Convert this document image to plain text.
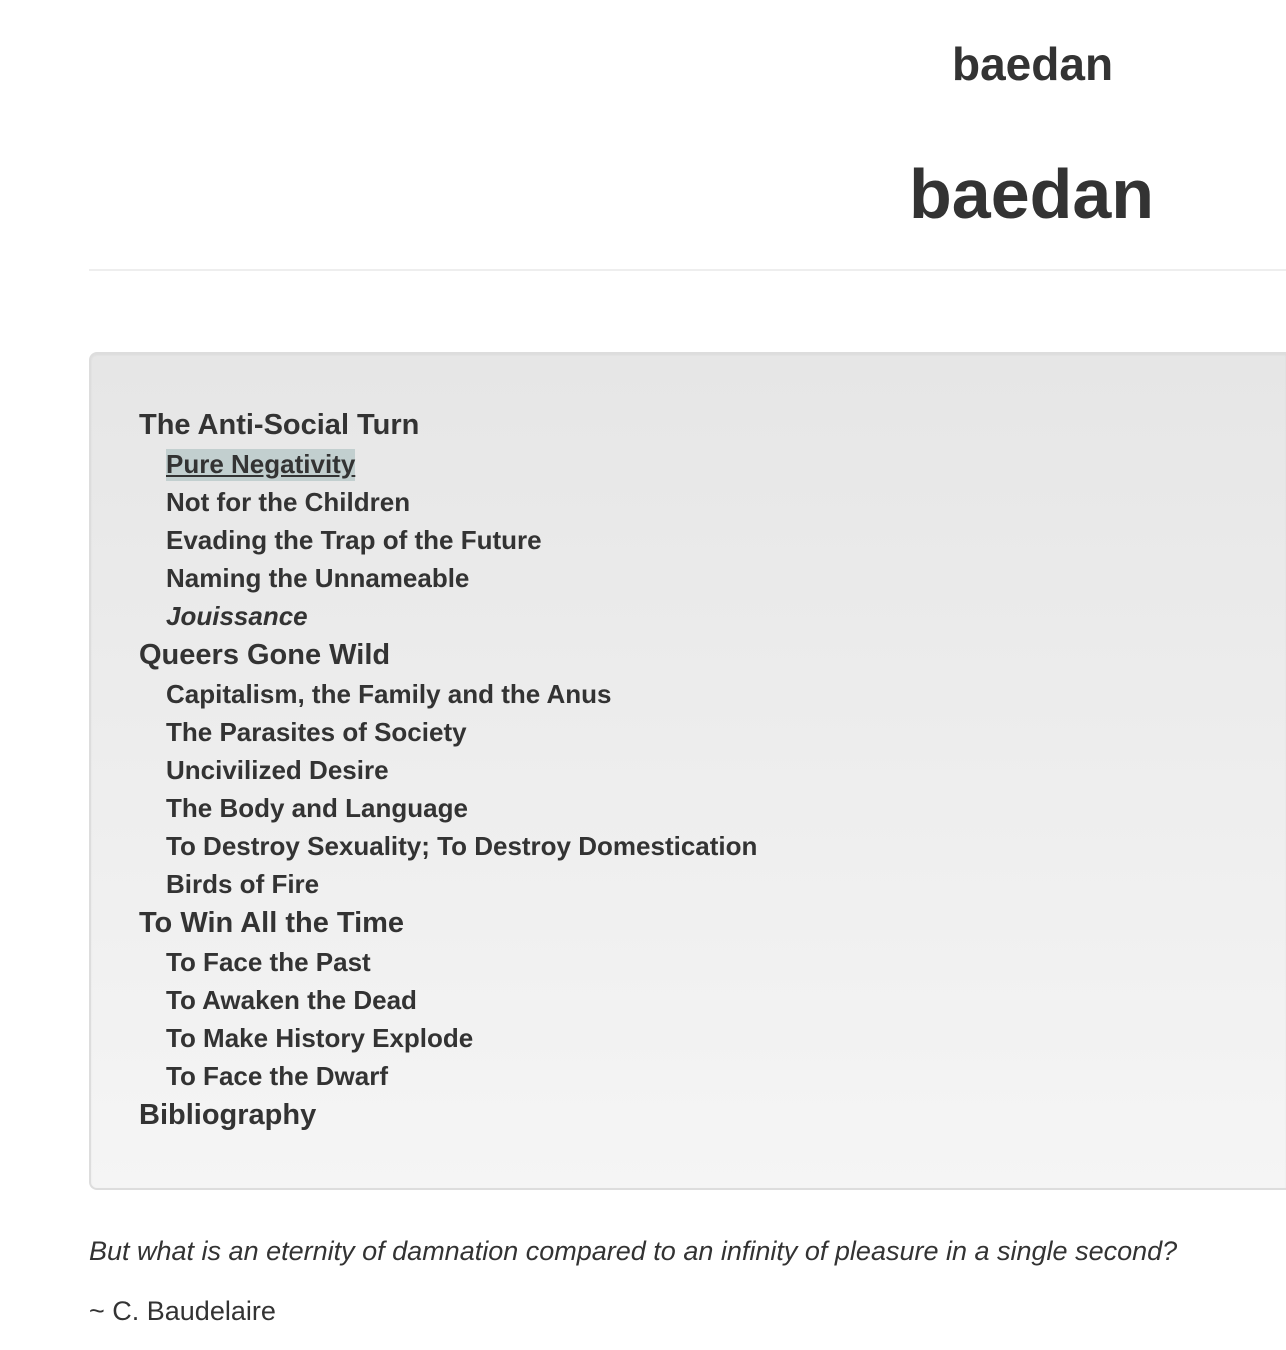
baedan
baedan
The Anti-Social Turn
Pure Negativity
Not for the Children
Evading the Trap of the Future
Naming the Unnameable
Jouissance
Queers Gone Wild
Capitalism, the Family and the Anus
The Parasites of Society
Uncivilized Desire
The Body and Language
To Destroy Sexuality; To Destroy Domestication
Birds of Fire
To Win All the Time
To Face the Past
To Awaken the Dead
To Make History Explode
To Face the Dwarf
Bibliography

But what is an eternity of damnation compared to an infinity of pleasure in a single second?

~ C. Baudelaire
